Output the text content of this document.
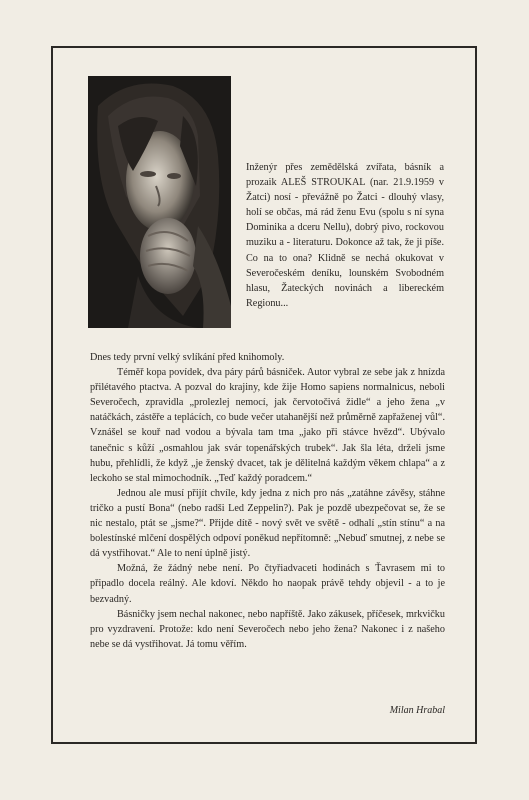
Inženýr přes zemědělská zvířata, básník a prozaik ALEŠ STROUKAL (nar. 21.9.1959 v Žatci) nosí - převážně po Žatci - dlouhý vlasy, holí se občas, má rád ženu Evu (spolu s ní syna Dominika a dceru Nellu), dobrý pivo, rockovou muziku a - literaturu. Dokonce až tak, že ji píše. Co na to ona? Klidně se nechá okukovat v Severočeském deníku, lounském Svobodném hlasu, Žateckých novinách a libereckém Regionu...

Dnes tedy první velký svlíkání před knihomoly.

Téměř kopa povídek, dva páry párů básniček. Autor vybral ze sebe jak z hnízda přilétavého ptactva. A pozval do krajiny, kde žije Homo sapiens normalnicus, neboli Severočech, zpravidla „prolezlej nemocí, jak červotočivá židle“ a jeho žena „v natáčkách, zástěře a teplácích, co bude večer utahanější než průměrně zapřaženej vůl“. Vznášel se kouř nad vodou a bývala tam tma „jako při stávce hvězd“. Ubývalo tanečnic s kůží „osmahlou jak svár topenářských trubek“. Jak šla léta, drželi jsme hubu, přehlídli, že když „je ženský dvacet, tak je dělitelná každým věkem chlapa“ a z leckoho se stal mimochodník. „Teď každý poradcem.“

Jednou ale musí přijít chvíle, kdy jedna z nich pro nás „zatáhne závěsy, stáhne tričko a pustí Bona“ (nebo radši Led Zeppelin?). Pak je pozdě ubezpečovat se, že se nic nestalo, ptát se „jsme?“. Přijde dítě - nový svět ve světě - odhalí „stín stínu“ a na bolestínské mlčení dospělých odpoví poněkud nepřítomně: „Nebuď smutnej, z nebe se dá vystřihovat.“ Ale to není úplně jistý.

Možná, že žádný nebe není. Po čtyřiadvaceti hodinách s Ťavrasem mi to připadlo docela reálný. Ale kdoví. Někdo ho naopak právě tehdy objevil - a to je bezvadný.

Básničky jsem nechal nakonec, nebo napříště. Jako zákusek, příčesek, mrkvičku pro vyzdravení. Protože: kdo není Severočech nebo jeho žena? Nakonec i z našeho nebe se dá vystřihovat. Já tomu věřím.

Milan Hrabal
